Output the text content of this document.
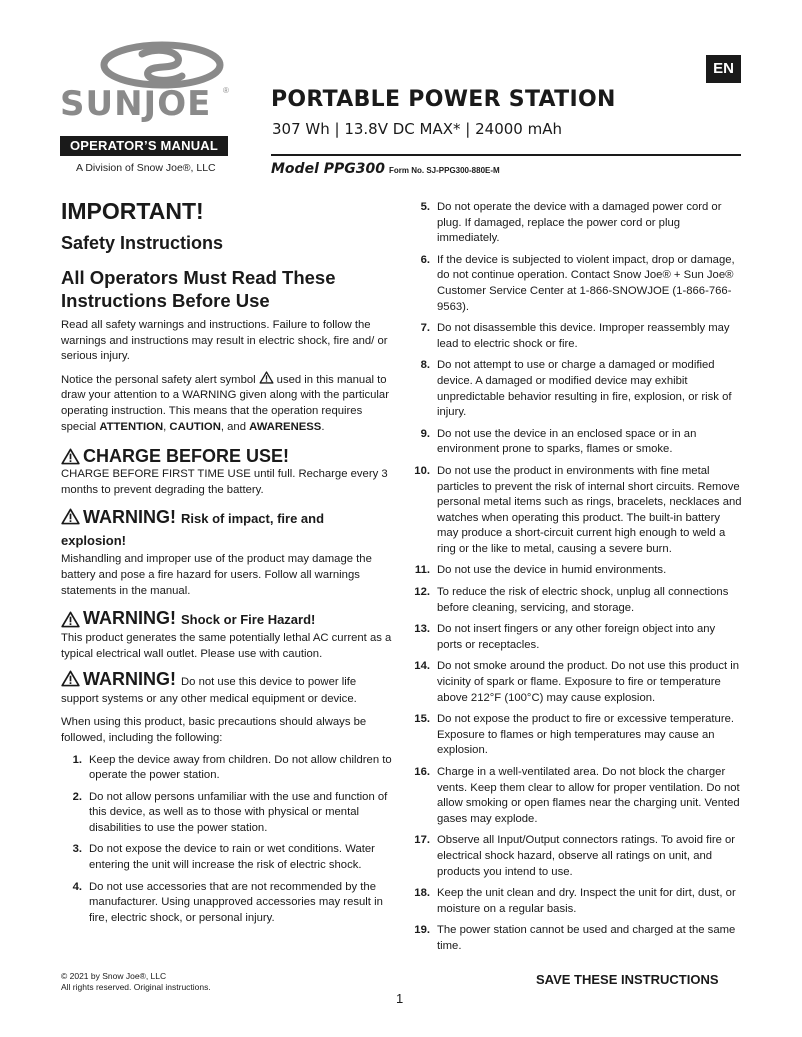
SUNJOE ®
OPERATOR’S MANUAL
A Division of Snow Joe®, LLC
EN
PORTABLE POWER STATION
307 Wh | 13.8V DC MAX* | 24000 mAh
Model PPG300 Form No. SJ-PPG300-880E-M
IMPORTANT!
Safety Instructions
All Operators Must Read These Instructions Before Use

Read all safety warnings and instructions. Failure to follow the warnings and instructions may result in electric shock, fire and/ or serious injury.

Notice the personal safety alert symbol used in this manual to draw your attention to a WARNING given along with the particular operating instruction. This means that the operation requires special ATTENTION, CAUTION, and AWARENESS.

CHARGE BEFORE USE!

CHARGE BEFORE FIRST TIME USE until full. Recharge every 3 months to prevent degrading the battery.

WARNING! Risk of impact, fire and explosion!

Mishandling and improper use of the product may damage the battery and pose a fire hazard for users. Follow all warnings statements in the manual.

WARNING! Shock or Fire Hazard!

This product generates the same potentially lethal AC current as a typical electrical wall outlet. Please use with caution.

WARNING! Do not use this device to power life support systems or any other medical equipment or device.

When using this product, basic precautions should always be followed, including the following:

1. Keep the device away from children. Do not allow children to operate the power station.
2. Do not allow persons unfamiliar with the use and function of this device, as well as to those with physical or mental disabilities to use the power station.
3. Do not expose the device to rain or wet conditions. Water entering the unit will increase the risk of electric shock.
4. Do not use accessories that are not recommended by the manufacturer. Using unapproved accessories may result in fire, electric shock, or personal injury.
5. Do not operate the device with a damaged power cord or plug. If damaged, replace the power cord or plug immediately.
6. If the device is subjected to violent impact, drop or damage, do not continue operation. Contact Snow Joe® + Sun Joe® Customer Service Center at 1-866-SNOWJOE (1-866-766-9563).
7. Do not disassemble this device. Improper reassembly may lead to electric shock or fire.
8. Do not attempt to use or charge a damaged or modified device. A damaged or modified device may exhibit unpredictable behavior resulting in fire, explosion, or risk of injury.
9. Do not use the device in an enclosed space or in an environment prone to sparks, flames or smoke.
10. Do not use the product in environments with fine metal particles to prevent the risk of internal short circuits. Remove personal metal items such as rings, bracelets, necklaces and watches when operating this product. The built-in battery may produce a short-circuit current high enough to weld a ring or the like to metal, causing a severe burn.
11. Do not use the device in humid environments.
12. To reduce the risk of electric shock, unplug all connections before cleaning, servicing, and storage.
13. Do not insert fingers or any other foreign object into any ports or receptacles.
14. Do not smoke around the product. Do not use this product in vicinity of spark or flame. Exposure to fire or temperature above 212°F (100°C) may cause explosion.
15. Do not expose the product to fire or excessive temperature. Exposure to flames or high temperatures may cause an explosion.
16. Charge in a well-ventilated area. Do not block the charger vents. Keep them clear to allow for proper ventilation. Do not allow smoking or open flames near the charging unit. Vented gases may explode.
17. Observe all Input/Output connectors ratings. To avoid fire or electrical shock hazard, observe all ratings on unit, and products you intend to use.
18. Keep the unit clean and dry. Inspect the unit for dirt, dust, or moisture on a regular basis.
19. The power station cannot be used and charged at the same time.
© 2021 by Snow Joe®, LLC
All rights reserved. Original instructions.	SAVE THESE INSTRUCTIONS
1
